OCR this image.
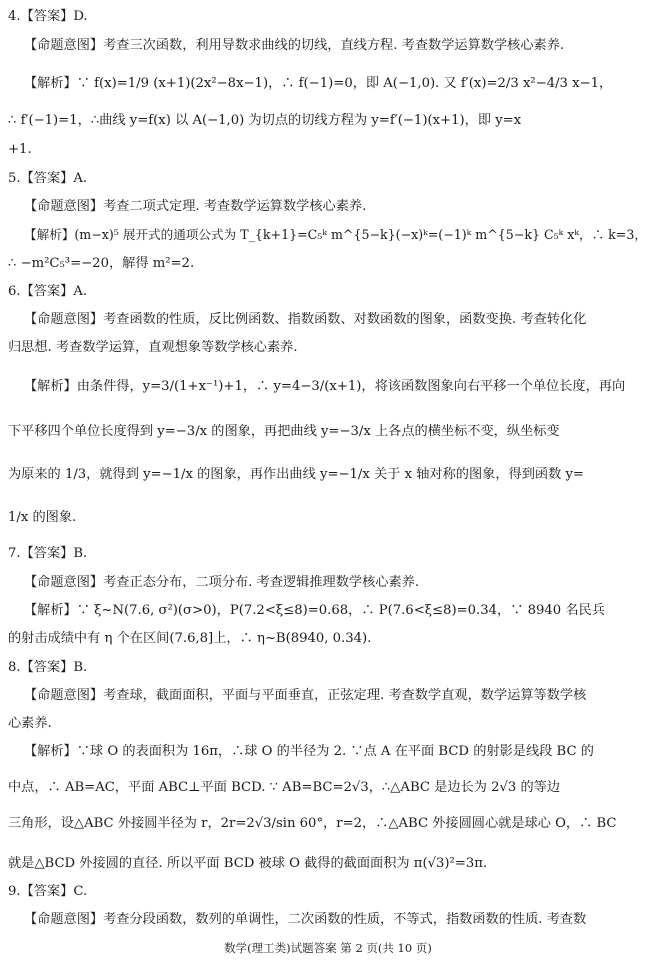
4.【答案】D.
【命题意图】考查三次函数，利用导数求曲线的切线，直线方程. 考查数学运算数学核心素养.
【解析】∵ f(x)=1/9 (x+1)(2x²−8x−1)，∴ f(−1)=0，即 A(−1,0). 又 f′(x)=2/3 x²−4/3 x−1，
∴ f′(−1)=1，∴曲线 y=f(x) 以 A(−1,0) 为切点的切线方程为 y=f′(−1)(x+1)，即 y=x
+1.
5.【答案】A.
【命题意图】考查二项式定理. 考查数学运算数学核心素养.
【解析】(m−x)⁵ 展开式的通项公式为 T_{k+1}=C₅ᵏ m^{5−k}(−x)ᵏ=(−1)ᵏ m^{5−k} C₅ᵏ xᵏ，∴ k=3，
∴ −m²C₅³=−20，解得 m²=2.
6.【答案】A.
【命题意图】考查函数的性质，反比例函数、指数函数、对数函数的图象，函数变换. 考查转化化
归思想. 考查数学运算，直观想象等数学核心素养.
【解析】由条件得，y=3/(1+x⁻¹)+1，∴ y=4−3/(x+1)，将该函数图象向右平移一个单位长度，再向
下平移四个单位长度得到 y=−3/x 的图象，再把曲线 y=−3/x 上各点的横坐标不变，纵坐标变
为原来的 1/3，就得到 y=−1/x 的图象，再作出曲线 y=−1/x 关于 x 轴对称的图象，得到函数 y=
1/x 的图象.
7.【答案】B.
【命题意图】考查正态分布，二项分布. 考查逻辑推理数学核心素养.
【解析】∵ ξ~N(7.6, σ²)(σ>0)，P(7.2<ξ≤8)=0.68，∴ P(7.6<ξ≤8)=0.34，∵ 8940 名民兵
的射击成绩中有 η 个在区间(7.6,8]上，∴ η~B(8940, 0.34).
8.【答案】B.
【命题意图】考查球，截面面积，平面与平面垂直，正弦定理. 考查数学直观，数学运算等数学核
心素养.
【解析】∵球 O 的表面积为 16π，∴球 O 的半径为 2. ∵点 A 在平面 BCD 的射影是线段 BC 的
中点，∴ AB=AC，平面 ABC⊥平面 BCD. ∵ AB=BC=2√3，∴△ABC 是边长为 2√3 的等边
三角形，设△ABC 外接圆半径为 r，2r=2√3/sin 60°，r=2，∴△ABC 外接圆圆心就是球心 O，∴ BC
就是△BCD 外接圆的直径. 所以平面 BCD 被球 O 截得的截面面积为 π(√3)²=3π.
9.【答案】C.
【命题意图】考查分段函数，数列的单调性，二次函数的性质，不等式，指数函数的性质. 考查数
数学(理工类)试题答案 第 2 页(共 10 页)
